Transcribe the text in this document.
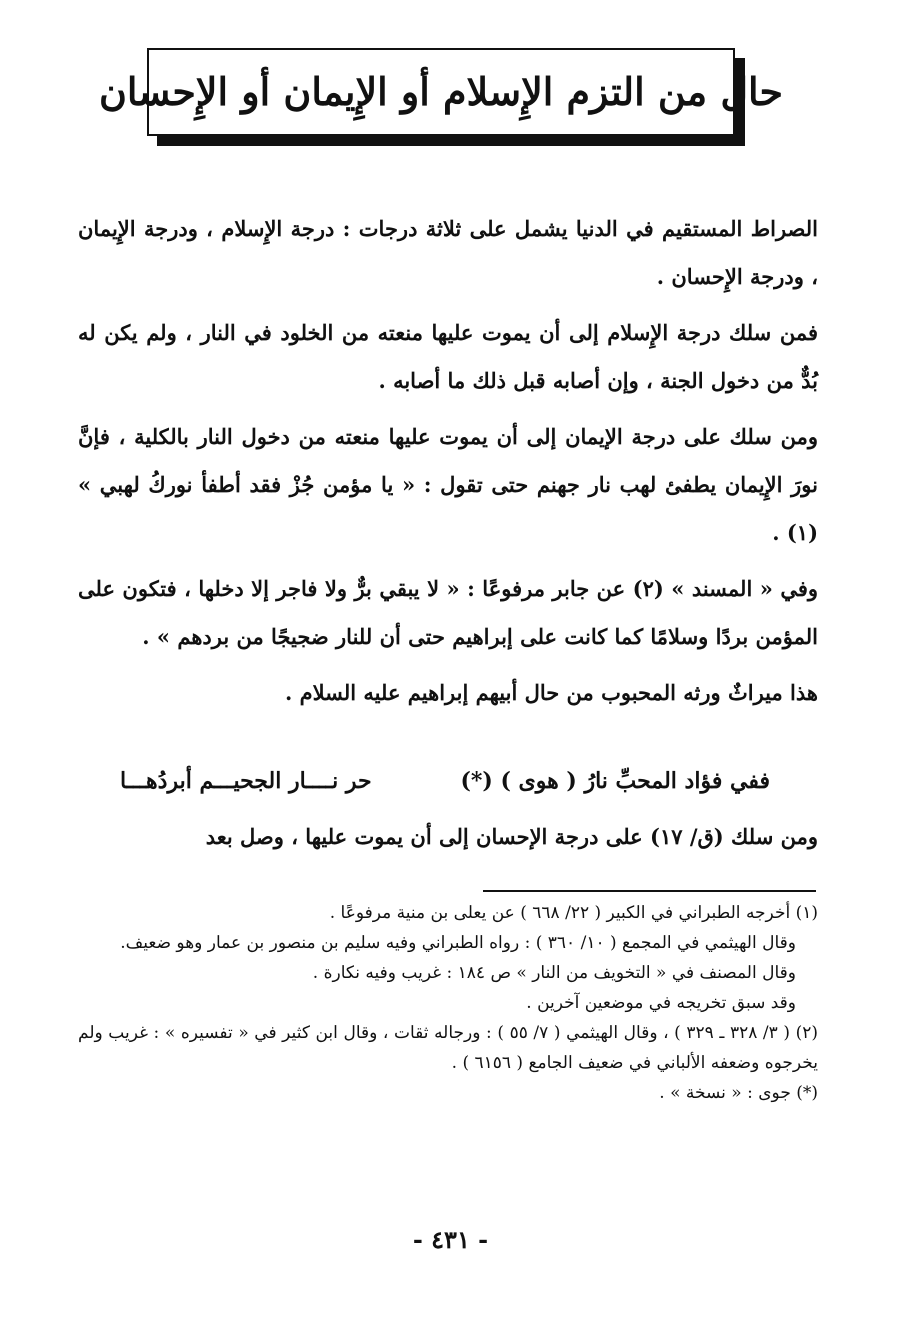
حال من التزم الإِسلام أو الإِيمان أو الإِحسان

الصراط المستقيم في الدنيا يشمل على ثلاثة درجات : درجة الإِسلام ، ودرجة الإِيمان ، ودرجة الإِحسان .

فمن سلك درجة الإِسلام إلى أن يموت عليها منعته من الخلود في النار ، ولم يكن له بُدٌّ من دخول الجنة ، وإن أصابه قبل ذلك ما أصابه .

ومن سلك على درجة الإيمان إلى أن يموت عليها منعته من دخول النار بالكلية ، فإنَّ نورَ الإِيمان يطفئ لهب نار جهنم حتى تقول : « يا مؤمن جُزْ فقد أطفأ نوركُ لهبي » (١) .

وفي « المسند » (٢) عن جابر مرفوعًا : « لا يبقي برٌّ ولا فاجر إلا دخلها ، فتكون على المؤمن بردًا وسلامًا كما كانت على إبراهيم حتى أن للنار ضجيجًا من بردهم » .

هذا ميراثٌ ورثه المحبوب من حال أبيهم إبراهيم عليه السلام .

ففي فؤاد المحبِّ نارُ ( هوى ) (*)
حر نــــار الجحيـــم أبردُهـــا

ومن سلك (ق/ ١٧) على درجة الإحسان إلى أن يموت عليها ، وصل بعد

(١) أخرجه الطبراني في الكبير ( ٢٢/ ٦٦٨ ) عن يعلى بن منية مرفوعًا .

وقال الهيثمي في المجمع ( ١٠/ ٣٦٠ ) : رواه الطبراني وفيه سليم بن منصور بن عمار وهو ضعيف.

وقال المصنف في « التخويف من النار » ص ١٨٤ : غريب وفيه نكارة .

وقد سبق تخريجه في موضعين آخرين .

(٢) ( ٣/ ٣٢٨ ـ ٣٢٩ ) ، وقال الهيثمي ( ٧/ ٥٥ ) : ورجاله ثقات ، وقال ابن كثير في « تفسيره » : غريب ولم يخرجوه وضعفه الألباني في ضعيف الجامع ( ٦١٥٦ ) .

(*) جوى : « نسخة » .

- ٤٣١ -
